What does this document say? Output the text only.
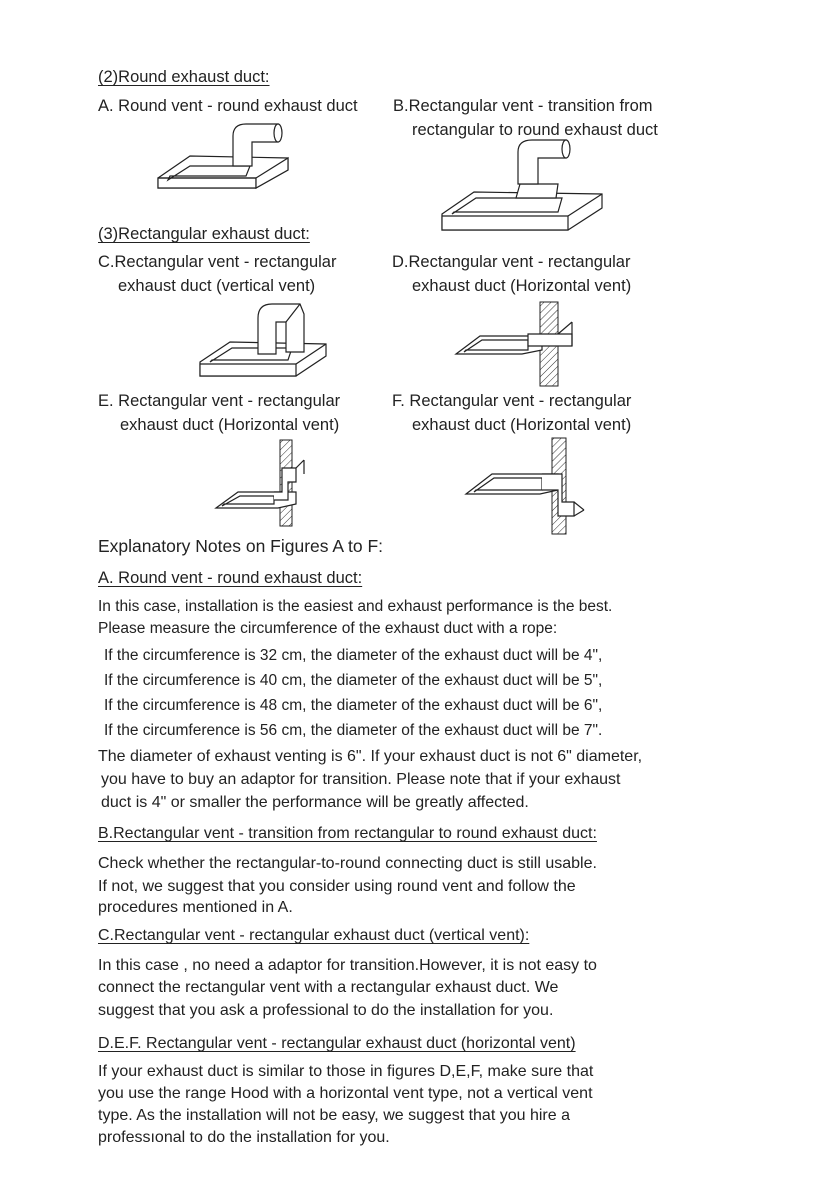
(2)Round exhaust duct:
A. Round vent - round exhaust duct B.Rectangular vent - transition from
rectangular to round exhaust duct
(3)Rectangular exhaust duct:
C.Rectangular vent - rectangular
exhaust duct (vertical vent)
D.Rectangular vent - rectangular
exhaust duct (Horizontal vent)
E. Rectangular vent - rectangular
exhaust duct (Horizontal vent)
F. Rectangular vent - rectangular
exhaust duct (Horizontal vent)
Explanatory Notes on Figures A to F:
A. Round vent - round exhaust duct:
In this case, installation is the easiest and exhaust performance is the best.
Please measure the circumference of the exhaust duct with a rope:
If the circumference is 32 cm, the diameter of the exhaust duct will be 4",
If the circumference is 40 cm, the diameter of the exhaust duct will be 5",
If the circumference is 48 cm, the diameter of the exhaust duct will be 6",
If the circumference is 56 cm, the diameter of the exhaust duct will be 7".
The diameter of exhaust venting is 6". If your exhaust duct is not 6" diameter,
you have to buy an adaptor for transition. Please note that if your exhaust
duct is 4" or smaller the performance will be greatly affected.
B.Rectangular vent - transition from rectangular to round exhaust duct:
Check whether the rectangular-to-round connecting duct is still usable.
If not, we suggest that you consider using round vent and follow the
procedures mentioned in A.
C.Rectangular vent - rectangular exhaust duct (vertical vent):
In this case , no need a adaptor for transition.However, it is not easy to
connect the rectangular vent with a rectangular exhaust duct. We
suggest that you ask a professional to do the installation for you.
D.E.F. Rectangular vent - rectangular exhaust duct (horizontal vent)
If your exhaust duct is similar to those in figures D,E,F, make sure that
you use the range Hood with a horizontal vent type, not a vertical vent
type. As the installation will not be easy, we suggest that you hire a
professıonal to do the installation for you.
